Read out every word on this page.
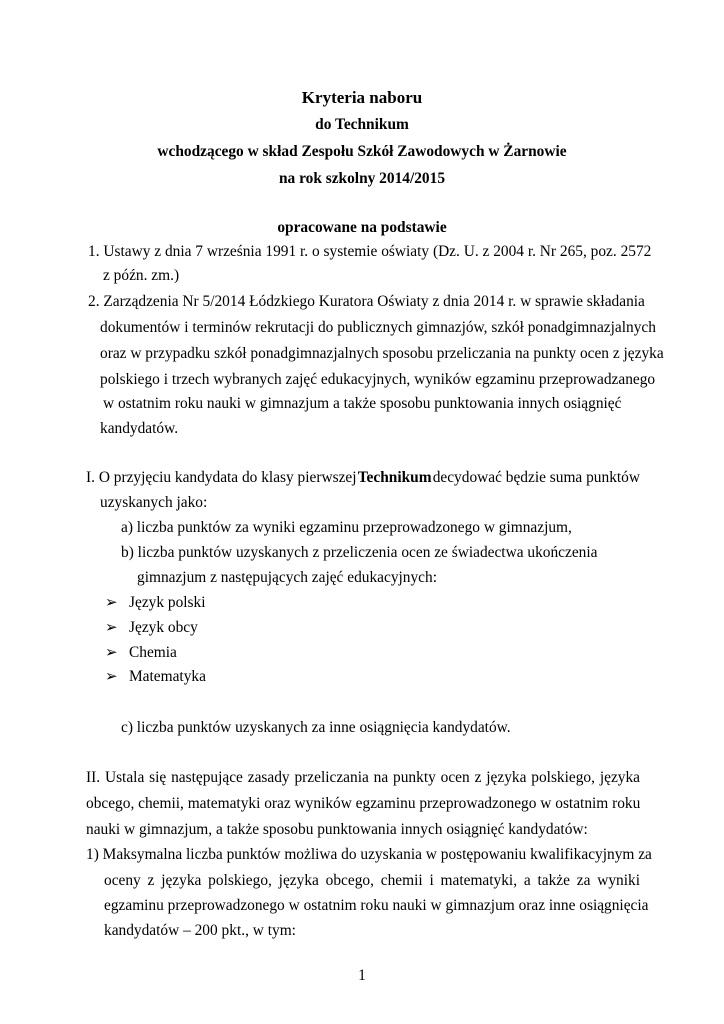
Kryteria naboru
do Technikum
wchodzącego w skład Zespołu Szkół Zawodowych w Żarnowie
na rok szkolny 2014/2015
opracowane na podstawie
1. Ustawy z dnia 7 września 1991 r. o systemie oświaty (Dz. U. z 2004 r. Nr 265, poz. 2572
z późn. zm.)
2. Zarządzenia Nr 5/2014 Łódzkiego Kuratora Oświaty z dnia 2014 r. w sprawie składania
dokumentów i terminów rekrutacji do publicznych gimnazjów, szkół ponadgimnazjalnych
oraz w przypadku szkół ponadgimnazjalnych sposobu przeliczania na punkty ocen z języka
polskiego i trzech wybranych zajęć edukacyjnych, wyników egzaminu przeprowadzanego
w ostatnim roku nauki w gimnazjum a także sposobu punktowania innych osiągnięć
kandydatów.
I. O przyjęciu kandydata do klasy pierwszej Technikum decydować będzie suma punktów
uzyskanych jako:
a) liczba punktów za wyniki egzaminu przeprowadzonego w gimnazjum,
b) liczba punktów uzyskanych z przeliczenia ocen ze świadectwa ukończenia
gimnazjum z następujących zajęć edukacyjnych:
➢ Język polski
➢ Język obcy
➢ Chemia
➢ Matematyka
c) liczba punktów uzyskanych za inne osiągnięcia kandydatów.
II. Ustala się następujące zasady przeliczania na punkty ocen z języka polskiego, języka
obcego, chemii, matematyki oraz wyników egzaminu przeprowadzonego w ostatnim roku
nauki w gimnazjum, a także sposobu punktowania innych osiągnięć kandydatów:
1) Maksymalna liczba punktów możliwa do uzyskania w postępowaniu kwalifikacyjnym za
oceny z języka polskiego, języka obcego, chemii i matematyki, a także za wyniki
egzaminu przeprowadzonego w ostatnim roku nauki w gimnazjum oraz inne osiągnięcia
kandydatów – 200 pkt., w tym:
1
